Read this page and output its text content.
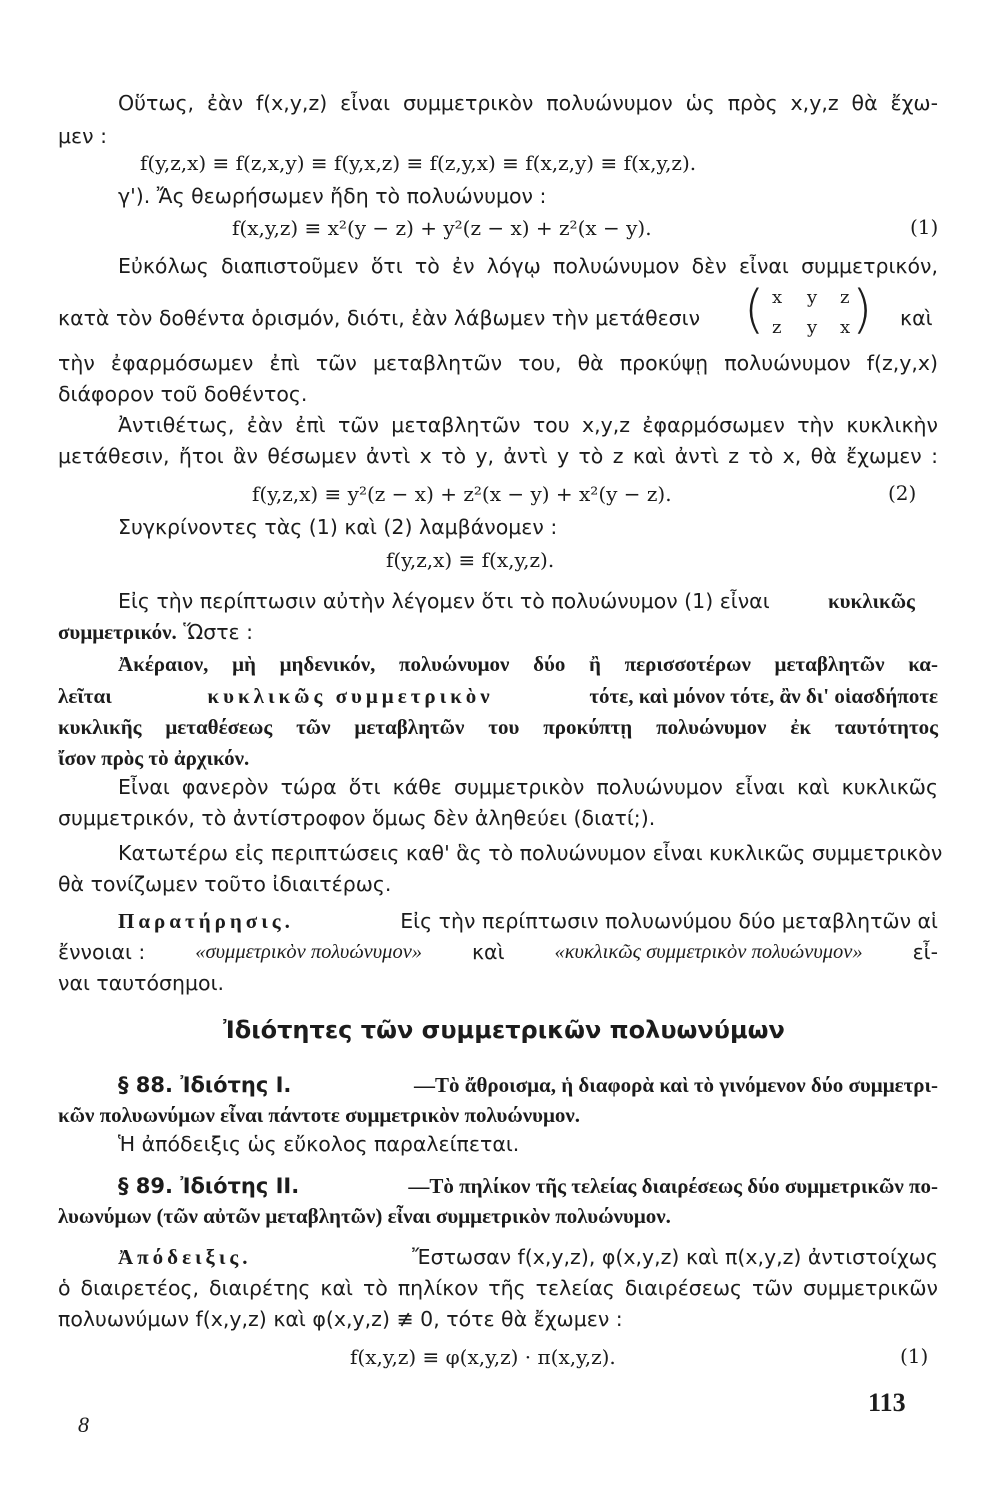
Οὕτως, ἐὰν f(x,y,z) εἶναι συμμετρικὸν πολυώνυμον ὡς πρὸς x,y,z θὰ ἔχω-
μεν :
f(y,z,x) ≡ f(z,x,y) ≡ f(y,x,z) ≡ f(z,y,x) ≡ f(x,z,y) ≡ f(x,y,z).
γ'). Ἄς θεωρήσωμεν ἤδη τὸ πολυώνυμον :
f(x,y,z) ≡ x²(y − z) + y²(z − x) + z²(x − y).	(1)
Εὐκόλως διαπιστοῦμεν ὅτι τὸ ἐν λόγῳ πολυώνυμον δὲν εἶναι συμμετρικόν,
κατὰ τὸν δοθέντα ὁρισμόν, διότι, ἐὰν λάβωμεν τὴν μετάθεσιν ( x y z
z y x ) καὶ
τὴν ἐφαρμόσωμεν ἐπὶ τῶν μεταβλητῶν του, θὰ προκύψῃ πολυώνυμον f(z,y,x)
διάφορον τοῦ δοθέντος.
Ἀντιθέτως, ἐὰν ἐπὶ τῶν μεταβλητῶν του x,y,z ἐφαρμόσωμεν τὴν κυκλικὴν
μετάθεσιν, ἤτοι ἂν θέσωμεν ἀντὶ x τὸ y, ἀντὶ y τὸ z καὶ ἀντὶ z τὸ x, θὰ ἔχωμεν :
f(y,z,x) ≡ y²(z − x) + z²(x − y) + x²(y − z).	(2)
Συγκρίνοντες τὰς (1) καὶ (2) λαμβάνομεν :
f(y,z,x) ≡ f(x,y,z).
Εἰς τὴν περίπτωσιν αὐτὴν λέγομεν ὅτι τὸ πολυώνυμον (1) εἶναι	κυκλικῶς
συμμετρικόν. Ὥστε :
Ἀκέραιον, μὴ μηδενικόν, πολυώνυμον δύο ἢ περισσοτέρων μεταβλητῶν κα-
λεῖται	κυκλικῶς συμμετρικὸν	τότε, καὶ μόνον τότε, ἂν δι' οἱασδήποτε
κυκλικῆς μεταθέσεως τῶν μεταβλητῶν του προκύπτῃ πολυώνυμον ἐκ ταυτότητος
ἴσον πρὸς τὸ ἀρχικόν.
Εἶναι φανερὸν τώρα ὅτι κάθε συμμετρικὸν πολυώνυμον εἶναι καὶ κυκλικῶς
συμμετρικόν, τὸ ἀντίστροφον ὅμως δὲν ἀληθεύει (διατί;).
Κατωτέρω εἰς περιπτώσεις καθ' ἃς τὸ πολυώνυμον εἶναι κυκλικῶς συμμετρικὸν
θὰ τονίζωμεν τοῦτο ἰδιαιτέρως.
Παρατήρησις.	Εἰς τὴν περίπτωσιν πολυωνύμου δύο μεταβλητῶν αἱ
ἔννοιαι : «συμμετρικὸν πολυώνυμον» καὶ «κυκλικῶς συμμετρικὸν πολυώνυμον» εἶ-
ναι ταυτόσημοι.
Ἰδιότητες τῶν συμμετρικῶν πολυωνύμων
§ 88. Ἰδιότης Ι.	—Τὸ ἄθροισμα, ἡ διαφορὰ καὶ τὸ γινόμενον δύο συμμετρι-
κῶν πολυωνύμων εἶναι πάντοτε συμμετρικὸν πολυώνυμον.
Ἡ ἀπόδειξις ὡς εὔκολος παραλείπεται.
§ 89. Ἰδιότης ΙΙ.	—Τὸ πηλίκον τῆς τελείας διαιρέσεως δύο συμμετρικῶν πο-
λυωνύμων (τῶν αὐτῶν μεταβλητῶν) εἶναι συμμετρικὸν πολυώνυμον.
Ἀπόδειξις.	Ἔστωσαν f(x,y,z), φ(x,y,z) καὶ π(x,y,z) ἀντιστοίχως
ὁ διαιρετέος, διαιρέτης καὶ τὸ πηλίκον τῆς τελείας διαιρέσεως τῶν συμμετρικῶν
πολυωνύμων f(x,y,z) καὶ φ(x,y,z) ≢ 0, τότε θὰ ἔχωμεν :
f(x,y,z) ≡ φ(x,y,z) · π(x,y,z).	(1)
8
113
